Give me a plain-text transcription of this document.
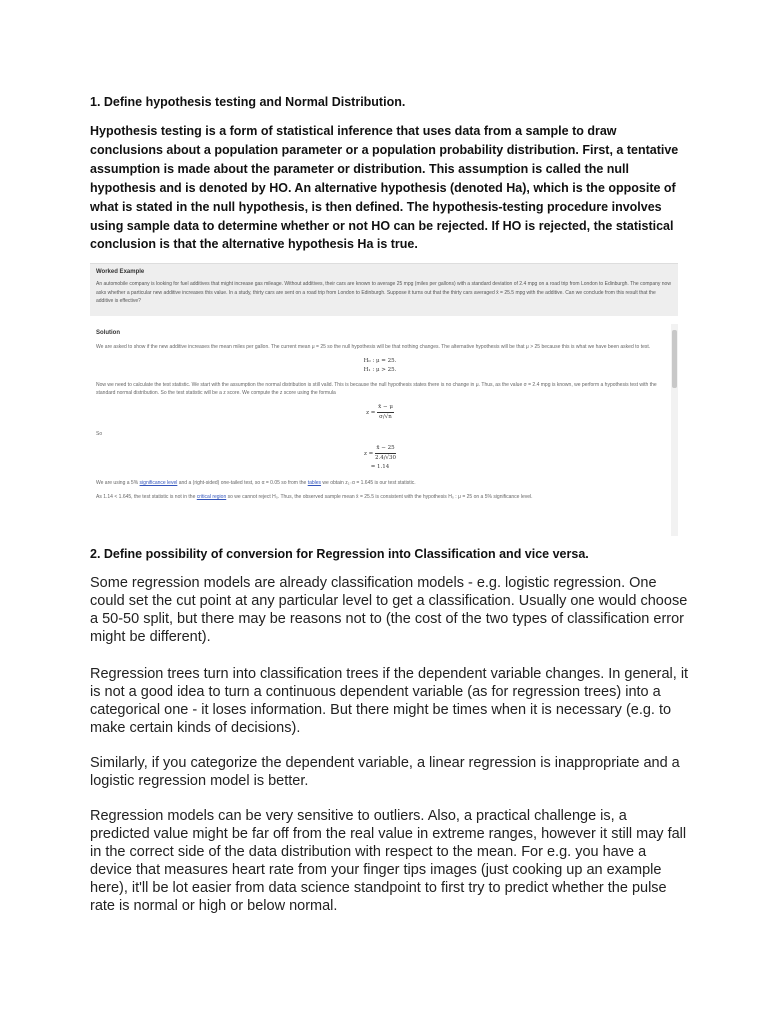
1. Define hypothesis testing and Normal Distribution.
Hypothesis testing is a form of statistical inference that uses data from a sample to draw conclusions about a population parameter or a population probability distribution. First, a tentative assumption is made about the parameter or distribution. This assumption is called the null hypothesis and is denoted by HO. An alternative hypothesis (denoted Ha), which is the opposite of what is stated in the null hypothesis, is then defined. The hypothesis-testing procedure involves using sample data to determine whether or not HO can be rejected. If HO is rejected, the statistical conclusion is that the alternative hypothesis Ha is true.
Worked Example
An automobile company is looking for fuel additives that might increase gas mileage. Without additives, their cars are known to average 25 mpg (miles per gallons) with a standard deviation of 2.4 mpg on a road trip from London to Edinburgh. The company now asks whether a particular new additive increases this value. In a study, thirty cars are sent on a road trip from London to Edinburgh. Suppose it turns out that the thirty cars averaged x̄ = 25.5 mpg with the additive. Can we conclude from this result that the additive is effective?
Solution
We are asked to show if the new additive increases the mean miles per gallon. The current mean μ = 25 so the null hypothesis will be that nothing changes. The alternative hypothesis will be that μ > 25 because this is what we have been asked to test.
H₀ : μ = 25.
H₁ : μ > 25.
Now we need to calculate the test statistic. We start with the assumption the normal distribution is still valid. This is because the null hypothesis states there is no change in μ. Thus, as the value σ = 2.4 mpg is known, we perform a hypothesis test with the standard normal distribution. So the test statistic will be a z score. We compute the z score using the formula
$z = \frac{x̄ - \mu}{\sigma/√n}$
So
$z = \frac{x̄ - 25}{2.4/√30}$
= 1.14
We are using a 5% significance level and a (right-sided) one-tailed test, so α = 0.05 so from the tables we obtain z₁₋α = 1.645 is our test statistic.
As 1.14 < 1.645, the test statistic is not in the critical region so we cannot reject H₀. Thus, the observed sample mean x̄ = 25.5 is consistent with the hypothesis H₀ : μ = 25 on a 5% significance level.
2. Define possibility of conversion for Regression into Classification and vice versa.
Some regression models are already classification models - e.g. logistic regression. One could set the cut point at any particular level to get a classification. Usually one would choose a 50-50 split, but there may be reasons not to (the cost of the two types of classification error might be different).
Regression trees turn into classification trees if the dependent variable changes. In general, it is not a good idea to turn a continuous dependent variable (as for regression trees) into a categorical one - it loses information. But there might be times when it is necessary (e.g. to make certain kinds of decisions).
Similarly, if you categorize the dependent variable, a linear regression is inappropriate and a logistic regression model is better.
Regression models can be very sensitive to outliers. Also, a practical challenge is, a predicted value might be far off from the real value in extreme ranges, however it still may fall in the correct side of the data distribution with respect to the mean. For e.g. you have a device that measures heart rate from your finger tips images (just cooking up an example here), it'll be lot easier from data science standpoint to first try to predict whether the pulse rate is normal or high or below normal.
